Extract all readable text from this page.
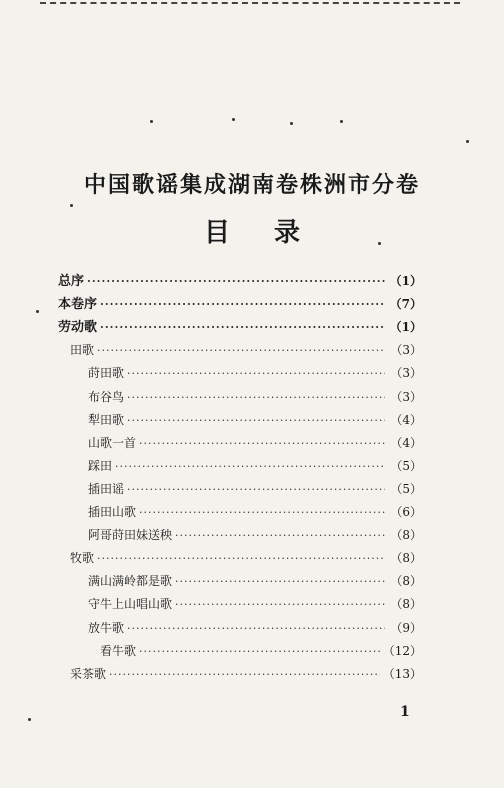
中国歌谣集成湖南卷株洲市分卷
目录
总序 ·····	（1）
本卷序 ·····	（7）
劳动歌 ·····	（1）
田歌 ·····	（3）
莳田歌 ·····	（3）
布谷鸟 ·····	（3）
犁田歌 ·····	（4）
山歌一首 ·····	（4）
踩田 ·····	（5）
插田谣 ·····	（5）
插田山歌 ·····	（6）
阿哥莳田妹送秧 ·····	（8）
牧歌 ·····	（8）
满山满岭都是歌 ·····	（8）
守牛上山唱山歌 ·····	（8）
放牛歌 ·····	（9）
看牛歌 ·····	（12）
采茶歌 ·····	（13）
1
